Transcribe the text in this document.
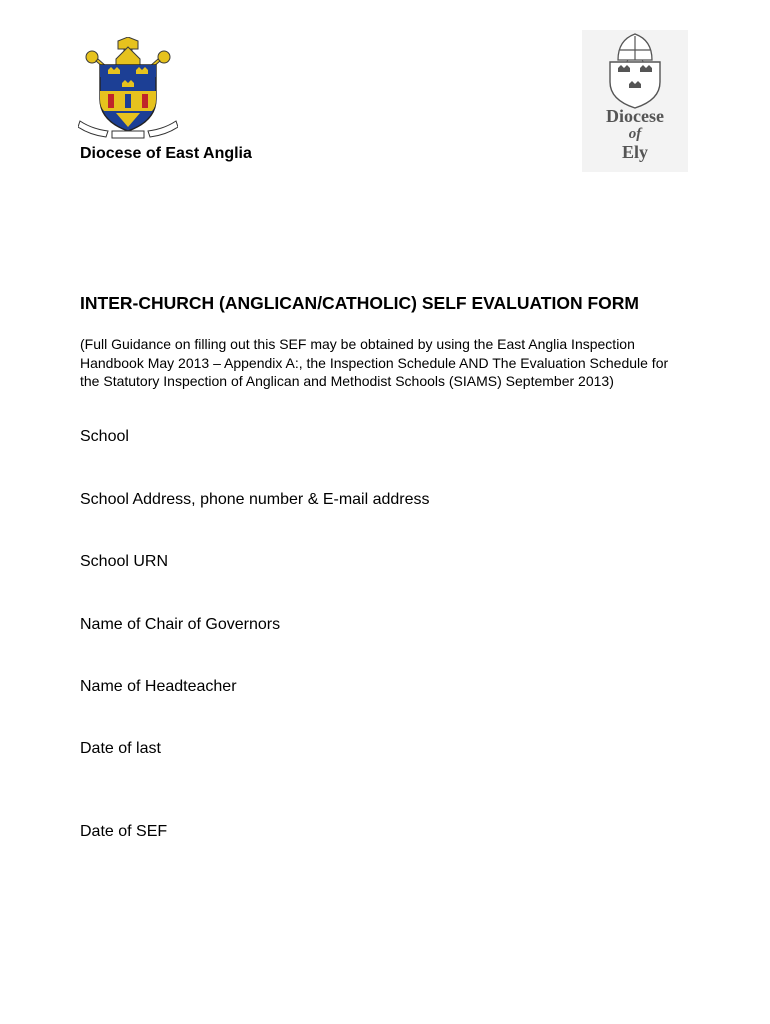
Diocese of East Anglia
Diocese
of
Ely
INTER-CHURCH (ANGLICAN/CATHOLIC) SELF EVALUATION FORM
(Full Guidance on filling out this SEF may be obtained by using the East Anglia Inspection Handbook May 2013 – Appendix A:, the Inspection Schedule AND The Evaluation Schedule for the Statutory Inspection of Anglican and Methodist Schools (SIAMS) September 2013)
School
School Address, phone number & E-mail address
School URN
Name of Chair of Governors
Name of Headteacher
Date of last
Date of SEF
